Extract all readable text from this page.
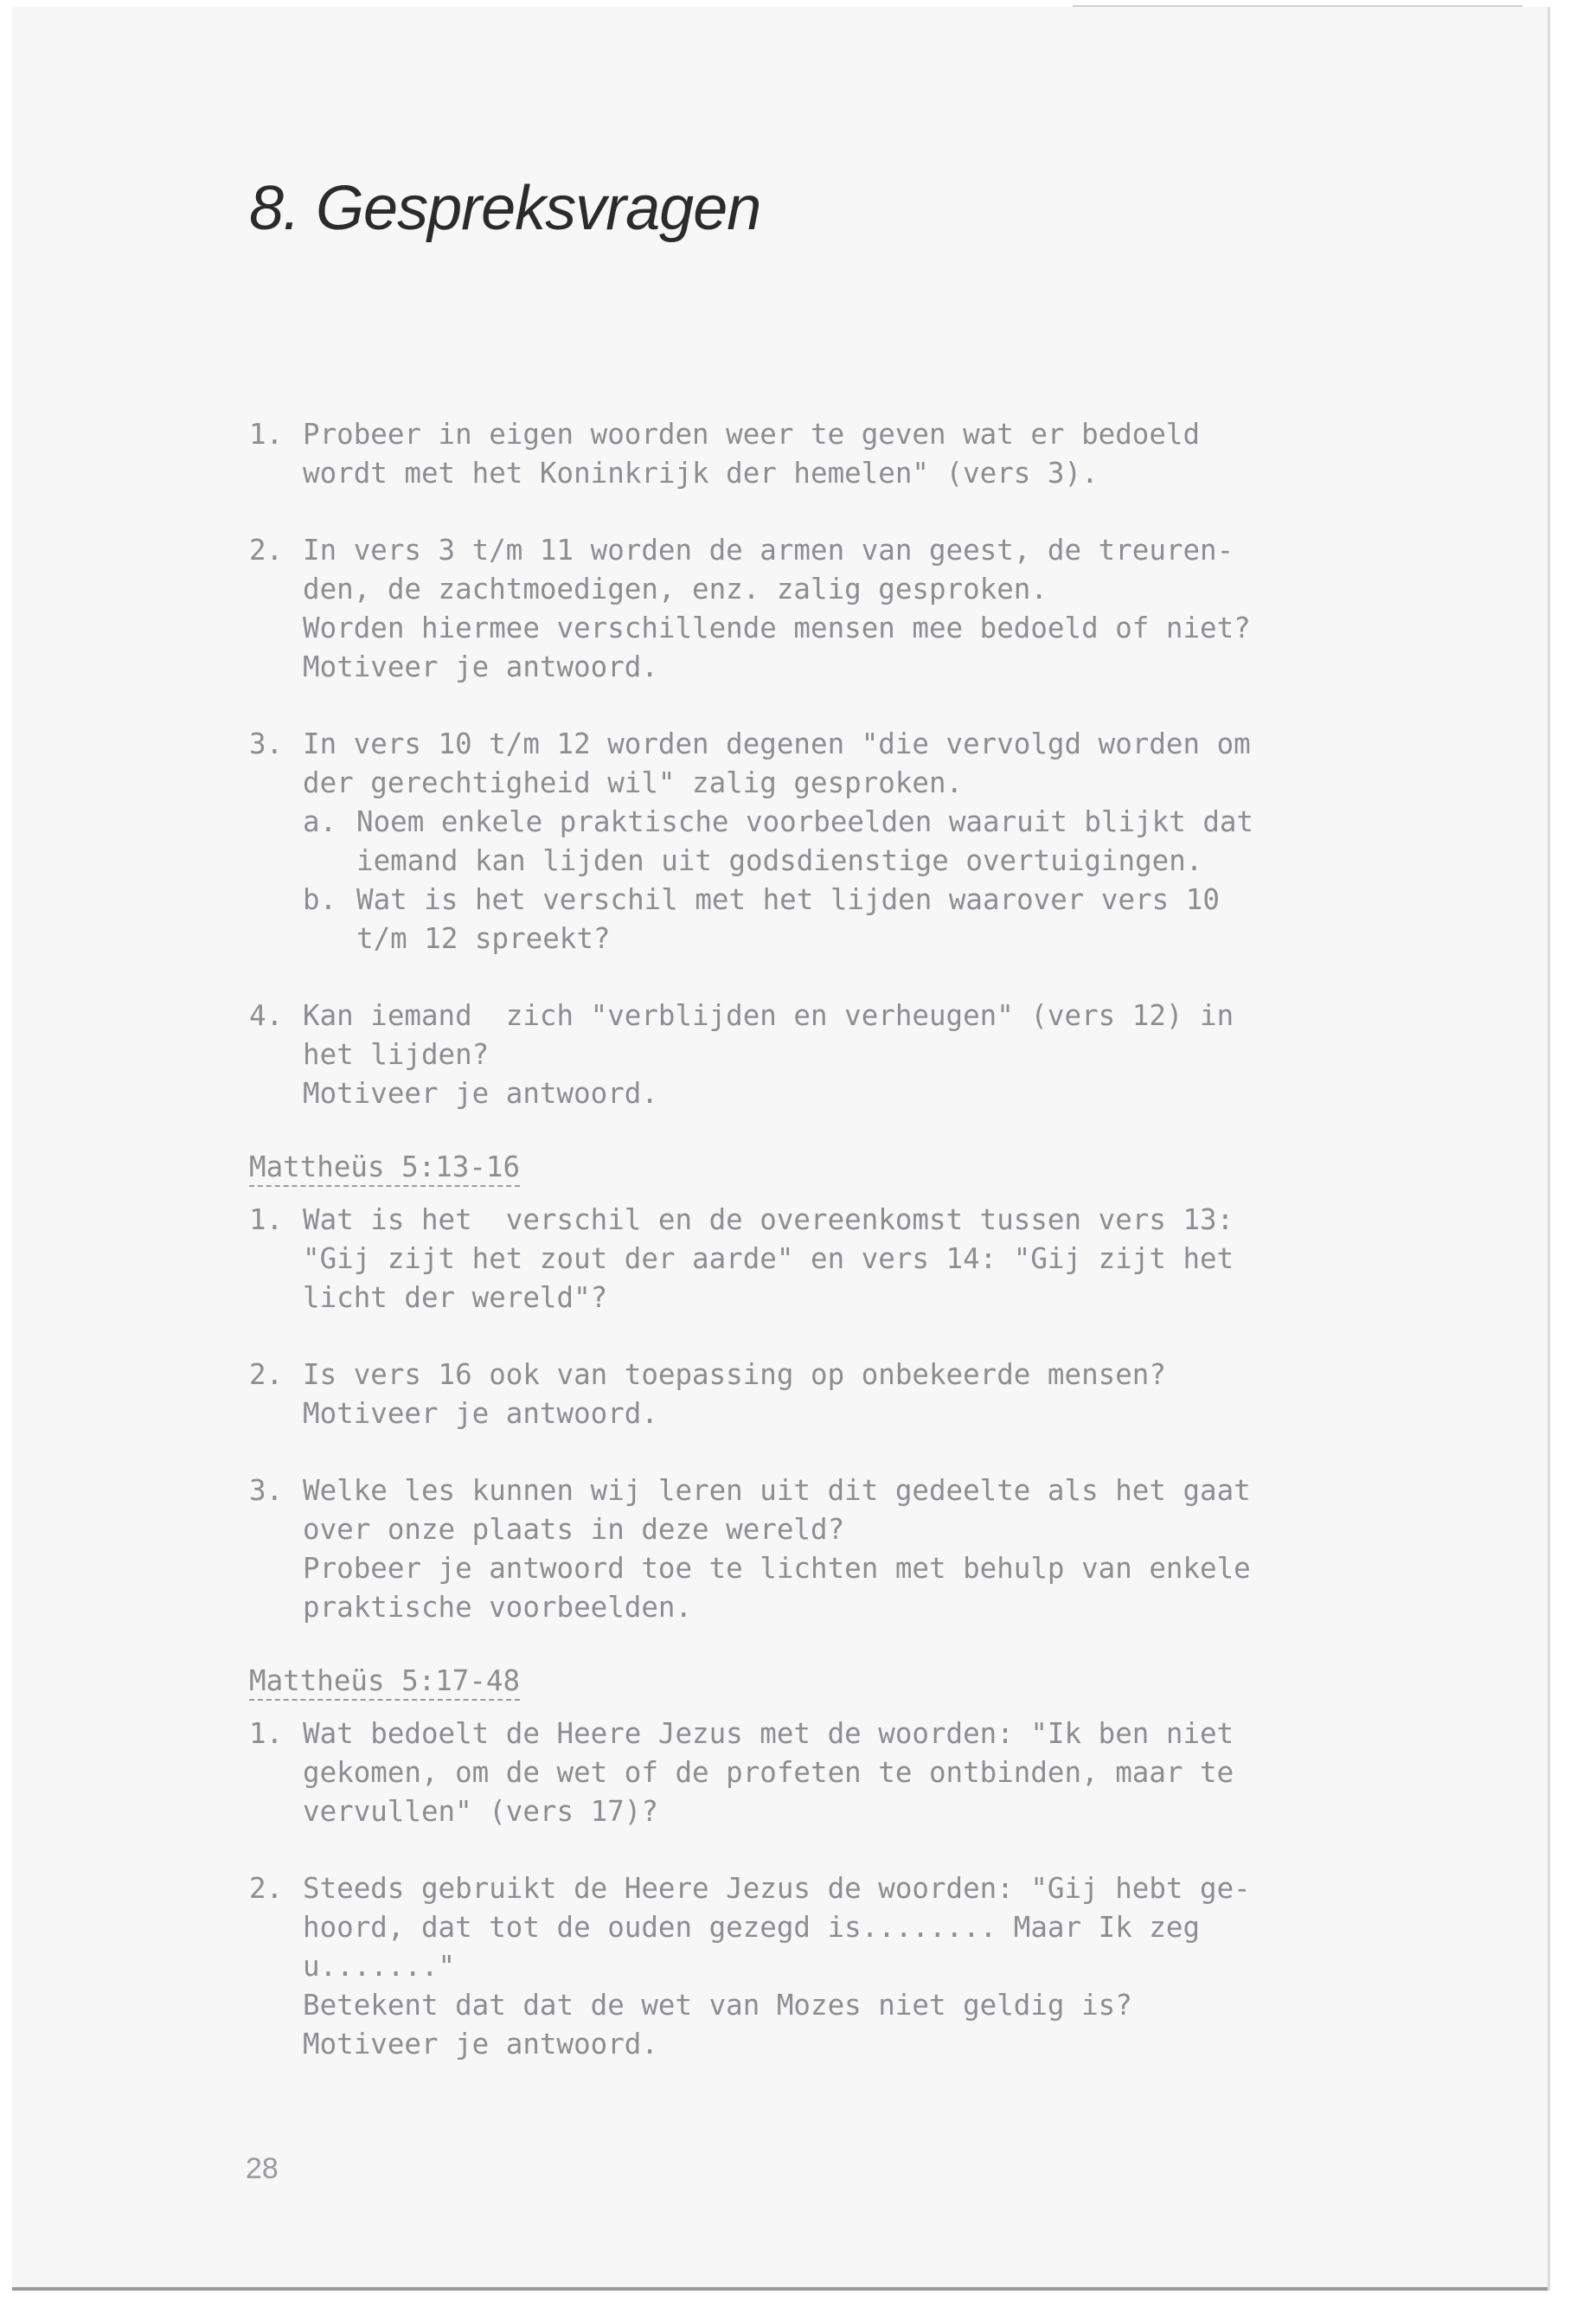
8. Gespreksvragen
1. Probeer in eigen woorden weer te geven wat er bedoeld
wordt met het Koninkrijk der hemelen" (vers 3).
2. In vers 3 t/m 11 worden de armen van geest, de treuren-
den, de zachtmoedigen, enz. zalig gesproken.
Worden hiermee verschillende mensen mee bedoeld of niet?
Motiveer je antwoord.
3. In vers 10 t/m 12 worden degenen "die vervolgd worden om
der gerechtigheid wil" zalig gesproken.
a. Noem enkele praktische voorbeelden waaruit blijkt dat
iemand kan lijden uit godsdienstige overtuigingen.
b. Wat is het verschil met het lijden waarover vers 10
t/m 12 spreekt?
4. Kan iemand  zich "verblijden en verheugen" (vers 12) in
het lijden?
Motiveer je antwoord.
Mattheüs 5:13-16
1. Wat is het  verschil en de overeenkomst tussen vers 13:
"Gij zijt het zout der aarde" en vers 14: "Gij zijt het
licht der wereld"?
2. Is vers 16 ook van toepassing op onbekeerde mensen?
Motiveer je antwoord.
3. Welke les kunnen wij leren uit dit gedeelte als het gaat
over onze plaats in deze wereld?
Probeer je antwoord toe te lichten met behulp van enkele
praktische voorbeelden.
Mattheüs 5:17-48
1. Wat bedoelt de Heere Jezus met de woorden: "Ik ben niet
gekomen, om de wet of de profeten te ontbinden, maar te
vervullen" (vers 17)?
2. Steeds gebruikt de Heere Jezus de woorden: "Gij hebt ge-
hoord, dat tot de ouden gezegd is........ Maar Ik zeg
u......."
Betekent dat dat de wet van Mozes niet geldig is?
Motiveer je antwoord.
28
